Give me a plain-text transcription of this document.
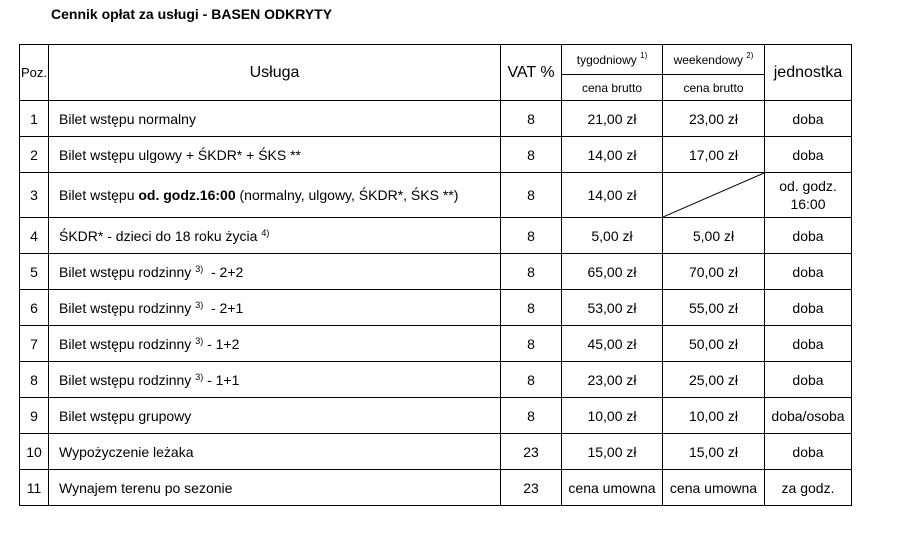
Cennik opłat za usługi - BASEN ODKRYTY
Poz.	Usługa	VAT %	tygodniowy $^{1)}$	weekendowy $^{2)}$	jednostka
			cena brutto	cena brutto	
1	Bilet wstępu normalny	8	21,00 zł	23,00 zł	doba
2	Bilet wstępu ulgowy + ŚKDR* + ŚKS **	8	14,00 zł	17,00 zł	doba
3	Bilet wstępu od. godz.16:00 (normalny, ulgowy, ŚKDR*, ŚKS **)	8	14,00 zł		od. godz.
16:00
4	ŚKDR* - dzieci do 18 roku życia $^{4)}$	8	5,00 zł	5,00 zł	doba
5	Bilet wstępu rodzinny $^{3)}$  - 2+2	8	65,00 zł	70,00 zł	doba
6	Bilet wstępu rodzinny $^{3)}$  - 2+1	8	53,00 zł	55,00 zł	doba
7	Bilet wstępu rodzinny $^{3)}$ - 1+2	8	45,00 zł	50,00 zł	doba
8	Bilet wstępu rodzinny $^{3)}$ - 1+1	8	23,00 zł	25,00 zł	doba
9	Bilet wstępu grupowy	8	10,00 zł	10,00 zł	doba/osoba
10	Wypożyczenie leżaka	23	15,00 zł	15,00 zł	doba
11	Wynajem terenu po sezonie	23	cena umowna	cena umowna	za godz.
